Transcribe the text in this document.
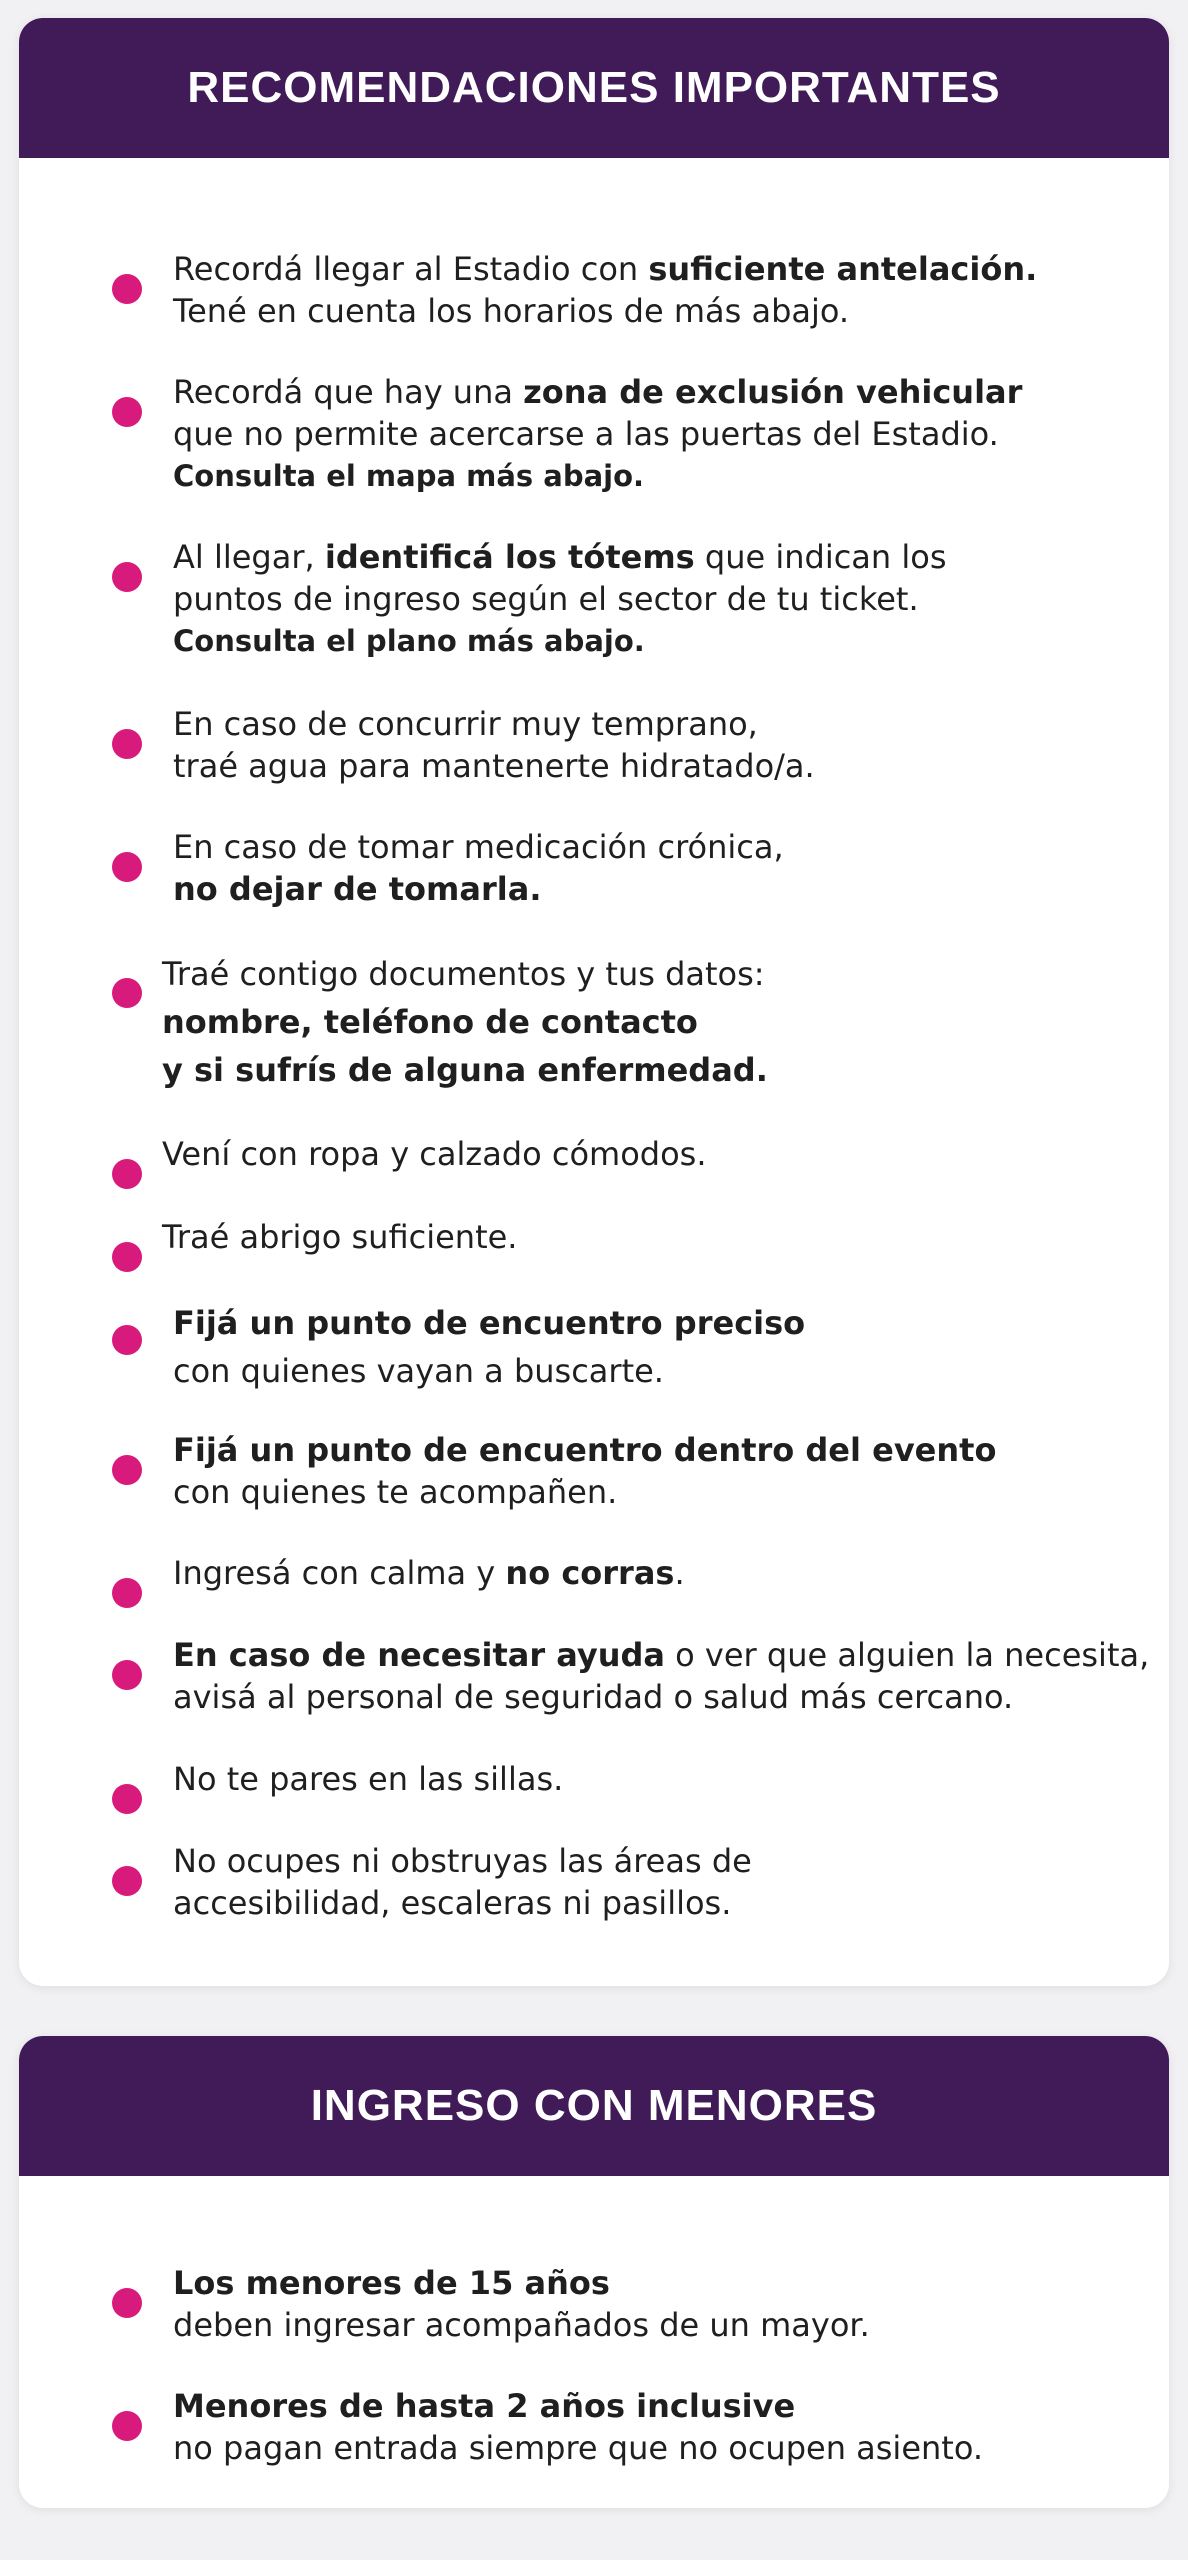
RECOMENDACIONES IMPORTANTES
Recordá llegar al Estadio con suficiente antelación.
Tené en cuenta los horarios de más abajo.
Recordá que hay una zona de exclusión vehicular
que no permite acercarse a las puertas del Estadio.
Consulta el mapa más abajo.
Al llegar, identificá los tótems que indican los
puntos de ingreso según el sector de tu ticket.
Consulta el plano más abajo.
En caso de concurrir muy temprano,
traé agua para mantenerte hidratado/a.
En caso de tomar medicación crónica,
no dejar de tomarla.
Traé contigo documentos y tus datos:
nombre, teléfono de contacto
y si sufrís de alguna enfermedad.
Vení con ropa y calzado cómodos.
Traé abrigo suficiente.
Fijá un punto de encuentro preciso
con quienes vayan a buscarte.
Fijá un punto de encuentro dentro del evento
con quienes te acompañen.
Ingresá con calma y no corras.
En caso de necesitar ayuda o ver que alguien la necesita,
avisá al personal de seguridad o salud más cercano.
No te pares en las sillas.
No ocupes ni obstruyas las áreas de
accesibilidad, escaleras ni pasillos.
INGRESO CON MENORES
Los menores de 15 años
deben ingresar acompañados de un mayor.
Menores de hasta 2 años inclusive
no pagan entrada siempre que no ocupen asiento.
